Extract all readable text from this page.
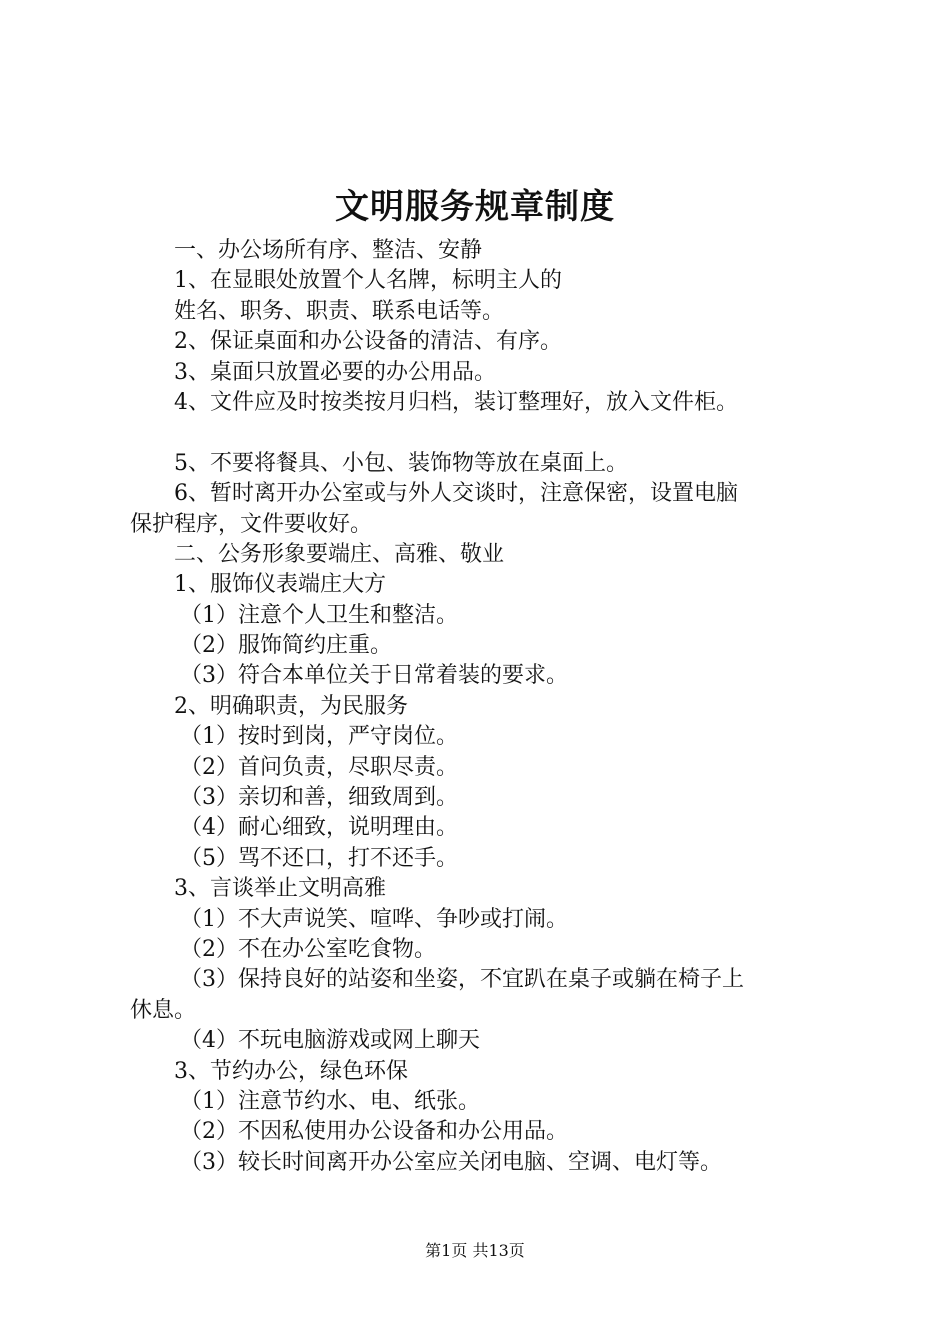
文明服务规章制度
一、办公场所有序、整洁、安静
1、在显眼处放置个人名牌，标明主人的
姓名、职务、职责、联系电话等。
2、保证桌面和办公设备的清洁、有序。
3、桌面只放置必要的办公用品。
4、文件应及时按类按月归档，装订整理好，放入文件柜。
5、不要将餐具、小包、装饰物等放在桌面上。
6、暂时离开办公室或与外人交谈时，注意保密，设置电脑
保护程序，文件要收好。
二、公务形象要端庄、高雅、敬业
1、服饰仪表端庄大方
（1）注意个人卫生和整洁。
（2）服饰简约庄重。
（3）符合本单位关于日常着装的要求。
2、明确职责，为民服务
（1）按时到岗，严守岗位。
（2）首问负责，尽职尽责。
（3）亲切和善，细致周到。
（4）耐心细致，说明理由。
（5）骂不还口，打不还手。
3、言谈举止文明高雅
（1）不大声说笑、喧哗、争吵或打闹。
（2）不在办公室吃食物。
（3）保持良好的站姿和坐姿，不宜趴在桌子或躺在椅子上
休息。
（4）不玩电脑游戏或网上聊天
3、节约办公，绿色环保
（1）注意节约水、电、纸张。
（2）不因私使用办公设备和办公用品。
（3）较长时间离开办公室应关闭电脑、空调、电灯等。
第1页 共13页
